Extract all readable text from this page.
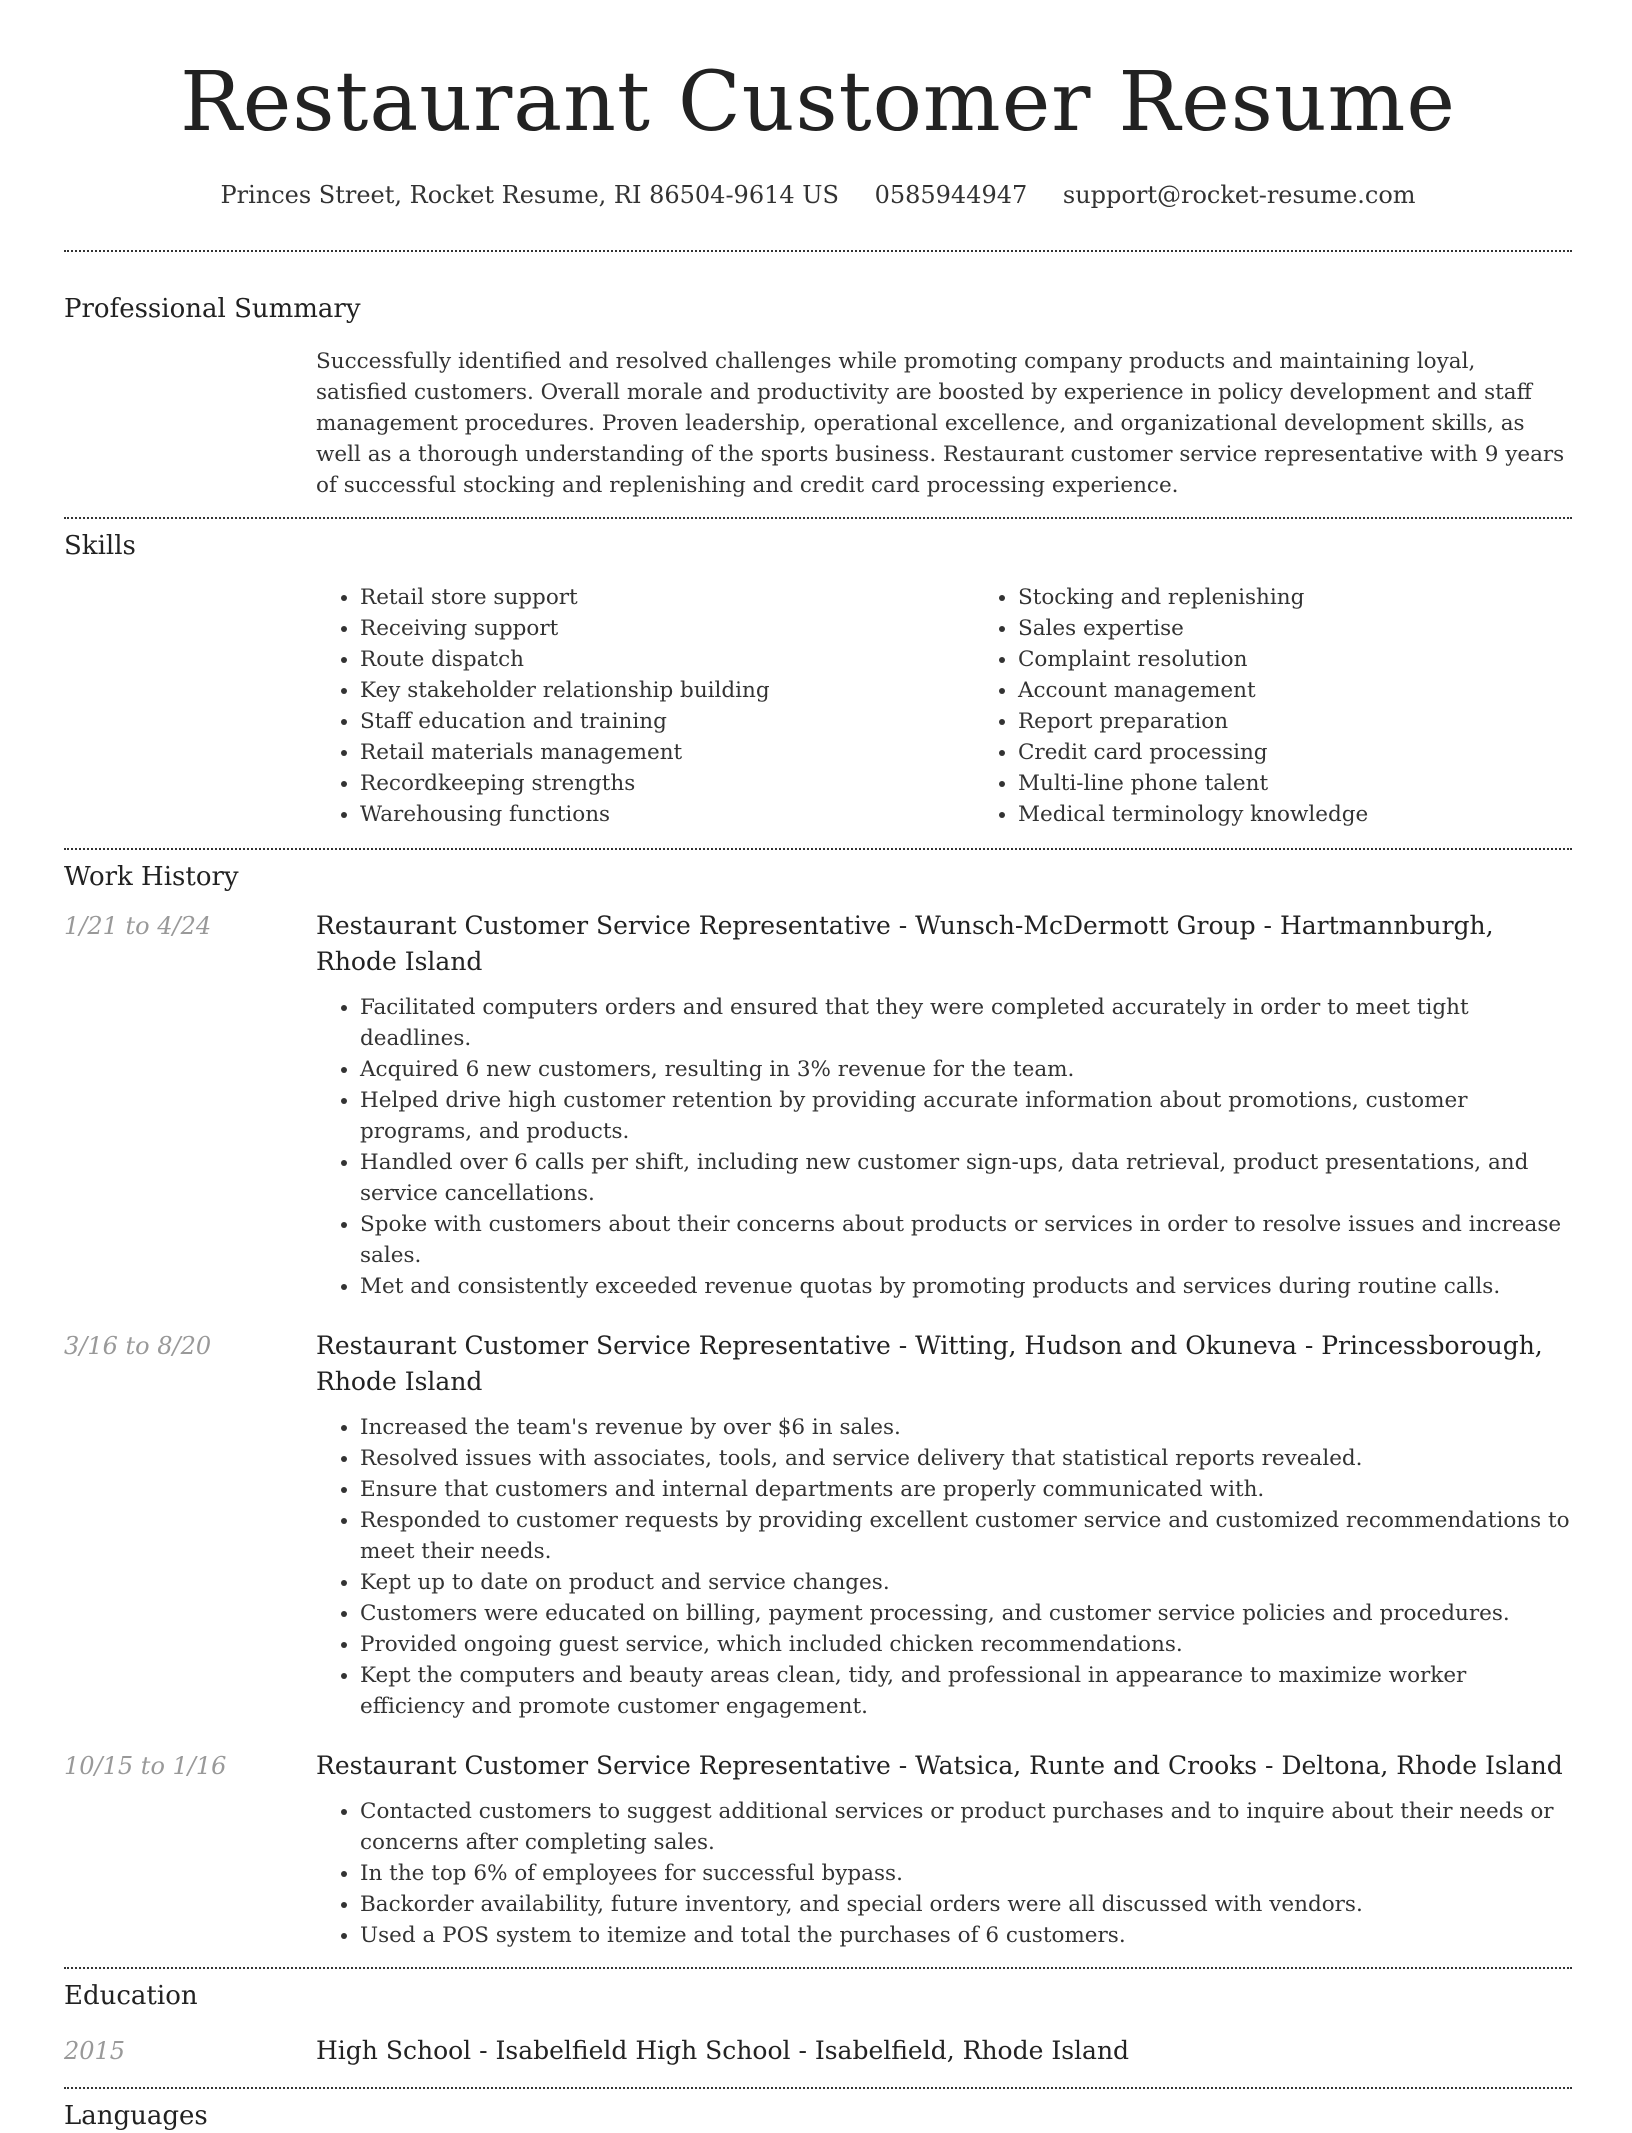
Restaurant Customer Resume
Princes Street, Rocket Resume, RI 86504-9614 US 0585944947 support@rocket-resume.com
Professional Summary

Successfully identified and resolved challenges while promoting company products and maintaining loyal, satisfied customers. Overall morale and productivity are boosted by experience in policy development and staff management procedures. Proven leadership, operational excellence, and organizational development skills, as well as a thorough understanding of the sports business. Restaurant customer service representative with 9 years of successful stocking and replenishing and credit card processing experience.

Skills
• Retail store support
• Receiving support
• Route dispatch
• Key stakeholder relationship building
• Staff education and training
• Retail materials management
• Recordkeeping strengths
• Warehousing functions
• Stocking and replenishing
• Sales expertise
• Complaint resolution
• Account management
• Report preparation
• Credit card processing
• Multi-line phone talent
• Medical terminology knowledge
Work History
1/21 to 4/24	Restaurant Customer Service Representative - Wunsch-McDermott Group - Hartmannburgh, Rhode Island
• Facilitated computers orders and ensured that they were completed accurately in order to meet tight deadlines.
• Acquired 6 new customers, resulting in 3% revenue for the team.
• Helped drive high customer retention by providing accurate information about promotions, customer programs, and products.
• Handled over 6 calls per shift, including new customer sign-ups, data retrieval, product presentations, and service cancellations.
• Spoke with customers about their concerns about products or services in order to resolve issues and increase sales.
• Met and consistently exceeded revenue quotas by promoting products and services during routine calls.
3/16 to 8/20	Restaurant Customer Service Representative - Witting, Hudson and Okuneva - Princessborough, Rhode Island
• Increased the team's revenue by over $6 in sales.
• Resolved issues with associates, tools, and service delivery that statistical reports revealed.
• Ensure that customers and internal departments are properly communicated with.
• Responded to customer requests by providing excellent customer service and customized recommendations to meet their needs.
• Kept up to date on product and service changes.
• Customers were educated on billing, payment processing, and customer service policies and procedures.
• Provided ongoing guest service, which included chicken recommendations.
• Kept the computers and beauty areas clean, tidy, and professional in appearance to maximize worker efficiency and promote customer engagement.
10/15 to 1/16	Restaurant Customer Service Representative - Watsica, Runte and Crooks - Deltona, Rhode Island
• Contacted customers to suggest additional services or product purchases and to inquire about their needs or concerns after completing sales.
• In the top 6% of employees for successful bypass.
• Backorder availability, future inventory, and special orders were all discussed with vendors.
• Used a POS system to itemize and total the purchases of 6 customers.
Education
2015	High School - Isabelfield High School - Isabelfield, Rhode Island
Languages
